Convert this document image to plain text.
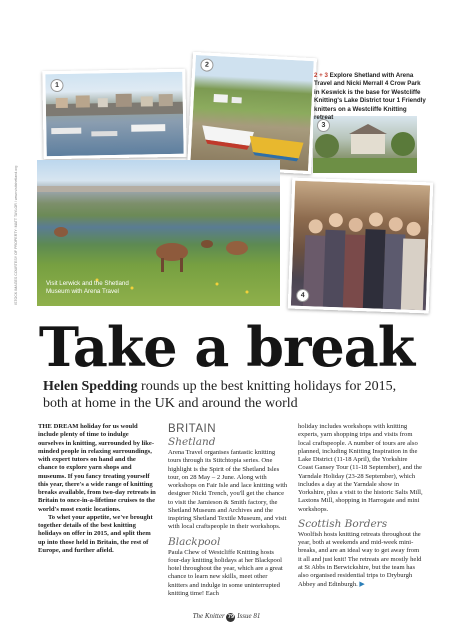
1
2
3
Visit Lerwick and the Shetland Museum with Arena Travel
4
2 + 3 Explore Shetland with Arena Travel and Nicki Merrall 4 Crow Park in Keswick is the base for Westcliffe Knitting's Lake District tour 1 Friendly knitters on a Westcliffe Knitting retreat
ISTOCK IMAGES COURTESY OF PROPERTY: MATT TAYLOR / www.visitshetland.org
Take a break
Helen Spedding rounds up the best knitting holidays for 2015, both at home in the UK and around the world

THE DREAM holiday for us would include plenty of time to indulge ourselves in knitting, surrounded by like-minded people in relaxing surroundings, with expert tutors on hand and the chance to explore yarn shops and museums. If you fancy treating yourself this year, there's a wide range of knitting breaks available, from two-day retreats in Britain to once-in-a-lifetime cruises to the world's most exotic locations.

To whet your appetite, we've brought together details of the best knitting holidays on offer in 2015, and split them up into those held in Britain, the rest of Europe, and further afield.

BRITAIN
Shetland

Arena Travel organises fantastic knitting tours through its Stitchtopia series. One highlight is the Spirit of the Shetland Isles tour, on 28 May – 2 June. Along with workshops on Fair Isle and lace knitting with designer Nicki Trench, you'll get the chance to visit the Jamieson & Smith factory, the Shetland Museum and Archives and the inspiring Shetland Textile Museum, and visit with local craftspeople in their workshops.

Blackpool

Paula Chew of Westcliffe Knitting hosts four-day knitting holidays at her Blackpool hotel throughout the year, which are a great chance to learn new skills, meet other knitters and indulge in some uninterrupted knitting time! Each

holiday includes workshops with knitting experts, yarn shopping trips and visits from local craftspeople. A number of tours are also planned, including Knitting Inspiration in the Lake District (11-18 April), the Yorkshire Coast Gansey Tour (11-18 September), and the Yarndale Holiday (23-28 September), which includes a day at the Yarndale show in Yorkshire, plus a visit to the historic Salts Mill, Laxtons Mill, shopping in Harrogate and mini workshops.

Scottish Borders

Woolfish hosts knitting retreats throughout the year, both at weekends and mid-week mini-breaks, and are an ideal way to get away from it all and just knit! The retreats are mostly held at St Abbs in Berwickshire, but the team has also organised residential trips to Dryburgh Abbey and Edinburgh. ▶

The Knitter 79 Issue 81
